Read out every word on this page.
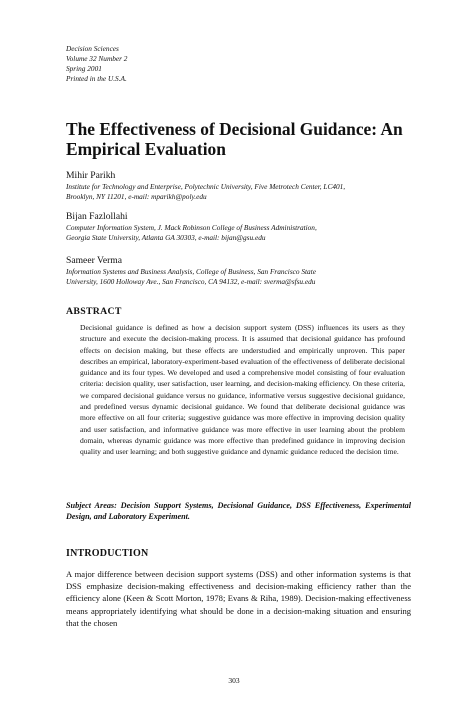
Decision Sciences
Volume 32 Number 2
Spring 2001
Printed in the U.S.A.
The Effectiveness of Decisional Guidance: An Empirical Evaluation
Mihir Parikh
Institute for Technology and Enterprise, Polytechnic University, Five Metrotech Center, LC401,
Brooklyn, NY 11201, e-mail: mparikh@poly.edu
Bijan Fazlollahi
Computer Information System, J. Mack Robinson College of Business Administration,
Georgia State University, Atlanta GA 30303, e-mail: bijan@gsu.edu
Sameer Verma
Information Systems and Business Analysis, College of Business, San Francisco State
University, 1600 Holloway Ave., San Francisco, CA 94132, e-mail: sverma@sfsu.edu
ABSTRACT
Decisional guidance is defined as how a decision support system (DSS) influences its users as they structure and execute the decision-making process. It is assumed that decisional guidance has profound effects on decision making, but these effects are understudied and empirically unproven. This paper describes an empirical, laboratory-experiment-based evaluation of the effectiveness of deliberate decisional guidance and its four types. We developed and used a comprehensive model consisting of four evaluation criteria: decision quality, user satisfaction, user learning, and decision-making efficiency. On these criteria, we compared decisional guidance versus no guidance, informative versus suggestive decisional guidance, and predefined versus dynamic decisional guidance. We found that deliberate decisional guidance was more effective on all four criteria; suggestive guidance was more effective in improving decision quality and user satisfaction, and informative guidance was more effective in user learning about the problem domain, whereas dynamic guidance was more effective than predefined guidance in improving decision quality and user learning; and both suggestive guidance and dynamic guidance reduced the decision time.
Subject Areas: Decision Support Systems, Decisional Guidance, DSS Effectiveness, Experimental Design, and Laboratory Experiment.
INTRODUCTION
A major difference between decision support systems (DSS) and other information systems is that DSS emphasize decision-making effectiveness and decision-making efficiency rather than the efficiency alone (Keen & Scott Morton, 1978; Evans & Riha, 1989). Decision-making effectiveness means appropriately identifying what should be done in a decision-making situation and ensuring that the chosen
303
